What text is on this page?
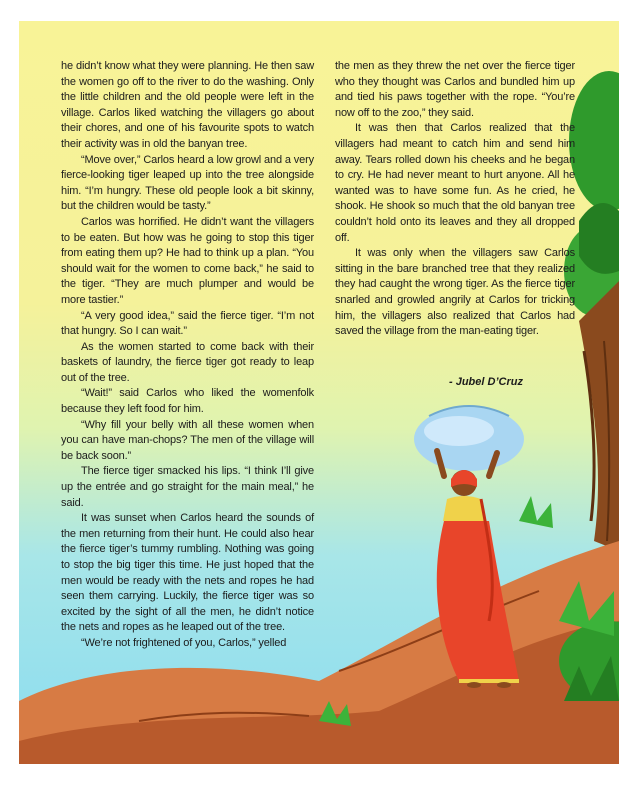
he didn’t know what they were planning. He then saw the women go off to the river to do the washing. Only the little children and the old people were left in the village. Carlos liked watching the villagers go about their chores, and one of his favourite spots to watch their activity was in old the banyan tree.

“Move over,” Carlos heard a low growl and a very fierce-looking tiger leaped up into the tree alongside him. “I’m hungry. These old people look a bit skinny, but the children would be tasty.”

Carlos was horrified. He didn’t want the villagers to be eaten. But how was he going to stop this tiger from eating them up? He had to think up a plan. “You should wait for the women to come back,” he said to the tiger. “They are much plumper and would be more tastier.”

“A very good idea,” said the fierce tiger. “I’m not that hungry. So I can wait.”

As the women started to come back with their baskets of laundry, the fierce tiger got ready to leap out of the tree.

“Wait!” said Carlos who liked the womenfolk because they left food for him.

“Why fill your belly with all these women when you can have man-chops? The men of the village will be back soon.”

The fierce tiger smacked his lips. “I think I’ll give up the entrée and go straight for the main meal,” he said.

It was sunset when Carlos heard the sounds of the men returning from their hunt. He could also hear the fierce tiger’s tummy rumbling. Nothing was going to stop the big tiger this time. He just hoped that the men would be ready with the nets and ropes he had seen them carrying. Luckily, the fierce tiger was so excited by the sight of all the men, he didn’t notice the nets and ropes as he leaped out of the tree.

“We’re not frightened of you, Carlos,” yelled

the men as they threw the net over the fierce tiger who they thought was Carlos and bundled him up and tied his paws together with the rope. “You’re now off to the zoo,” they said.

It was then that Carlos realized that the villagers had meant to catch him and send him away. Tears rolled down his cheeks and he began to cry. He had never meant to hurt anyone. All he wanted was to have some fun. As he cried, he shook. He shook so much that the old banyan tree couldn’t hold onto its leaves and they all dropped off.

It was only when the villagers saw Carlos sitting in the bare branched tree that they realized they had caught the wrong tiger. As the fierce tiger snarled and growled angrily at Carlos for tricking him, the villagers also realized that Carlos had saved the village from the man-eating tiger.

- Jubel D’Cruz
